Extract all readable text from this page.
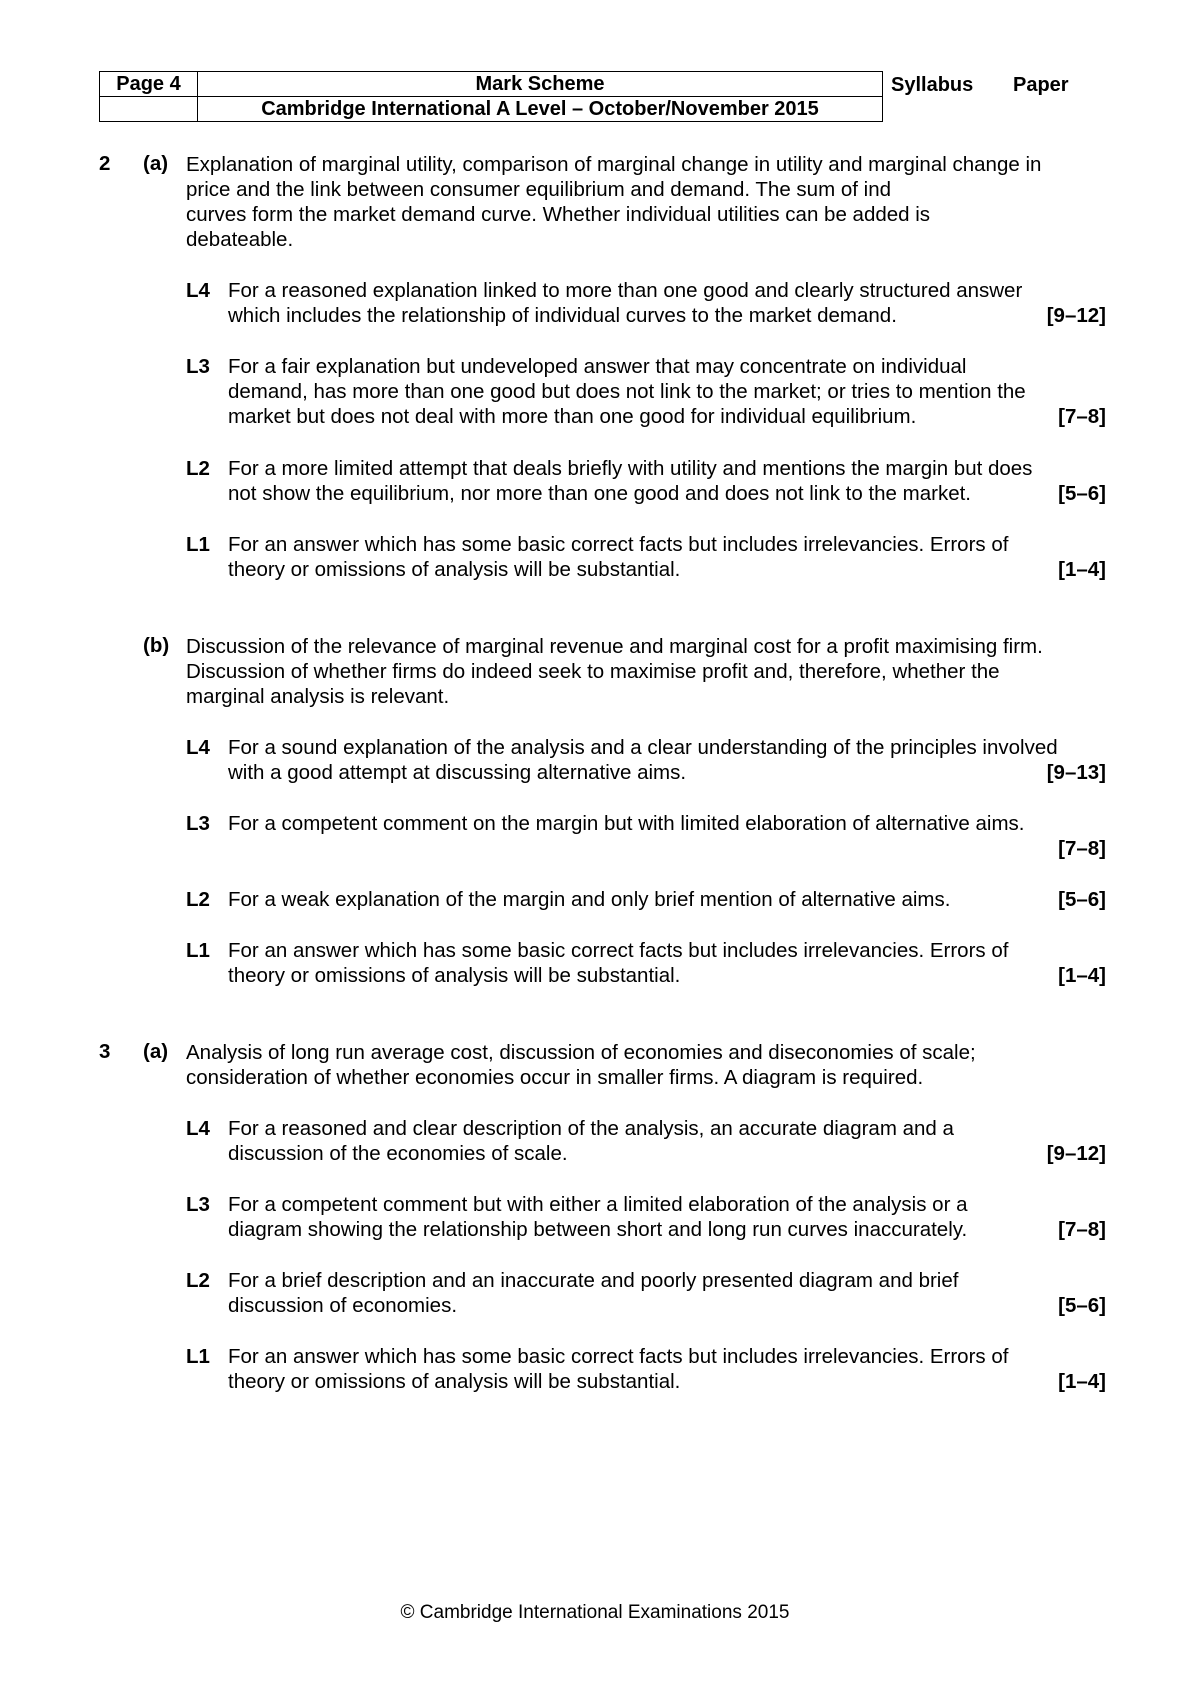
Page 4	Mark Scheme
	Cambridge International A Level – October/November 2015
Syllabus Paper
2 (a) Explanation of marginal utility, comparison of marginal change in utility and marginal change in
price and the link between consumer equilibrium and demand. The sum of ind
curves form the market demand curve. Whether individual utilities can be added is
debateable.
L4 For a reasoned explanation linked to more than one good and clearly structured answer
which includes the relationship of individual curves to the market demand.	[9–12]
L3 For a fair explanation but undeveloped answer that may concentrate on individual
demand, has more than one good but does not link to the market; or tries to mention the
market but does not deal with more than one good for individual equilibrium.	[7–8]
L2 For a more limited attempt that deals briefly with utility and mentions the margin but does
not show the equilibrium, nor more than one good and does not link to the market.	[5–6]
L1 For an answer which has some basic correct facts but includes irrelevancies. Errors of
theory or omissions of analysis will be substantial.	[1–4]
(b) Discussion of the relevance of marginal revenue and marginal cost for a profit maximising firm.
Discussion of whether firms do indeed seek to maximise profit and, therefore, whether the
marginal analysis is relevant.
L4 For a sound explanation of the analysis and a clear understanding of the principles involved
with a good attempt at discussing alternative aims.	[9–13]
L3 For a competent comment on the margin but with limited elaboration of alternative aims.
[7–8]
L2 For a weak explanation of the margin and only brief mention of alternative aims.	[5–6]
L1 For an answer which has some basic correct facts but includes irrelevancies. Errors of
theory or omissions of analysis will be substantial.	[1–4]
3 (a) Analysis of long run average cost, discussion of economies and diseconomies of scale;
consideration of whether economies occur in smaller firms. A diagram is required.
L4 For a reasoned and clear description of the analysis, an accurate diagram and a
discussion of the economies of scale.	[9–12]
L3 For a competent comment but with either a limited elaboration of the analysis or a
diagram showing the relationship between short and long run curves inaccurately.	[7–8]
L2 For a brief description and an inaccurate and poorly presented diagram and brief
discussion of economies.	[5–6]
L1 For an answer which has some basic correct facts but includes irrelevancies. Errors of
theory or omissions of analysis will be substantial.	[1–4]
© Cambridge International Examinations 2015
